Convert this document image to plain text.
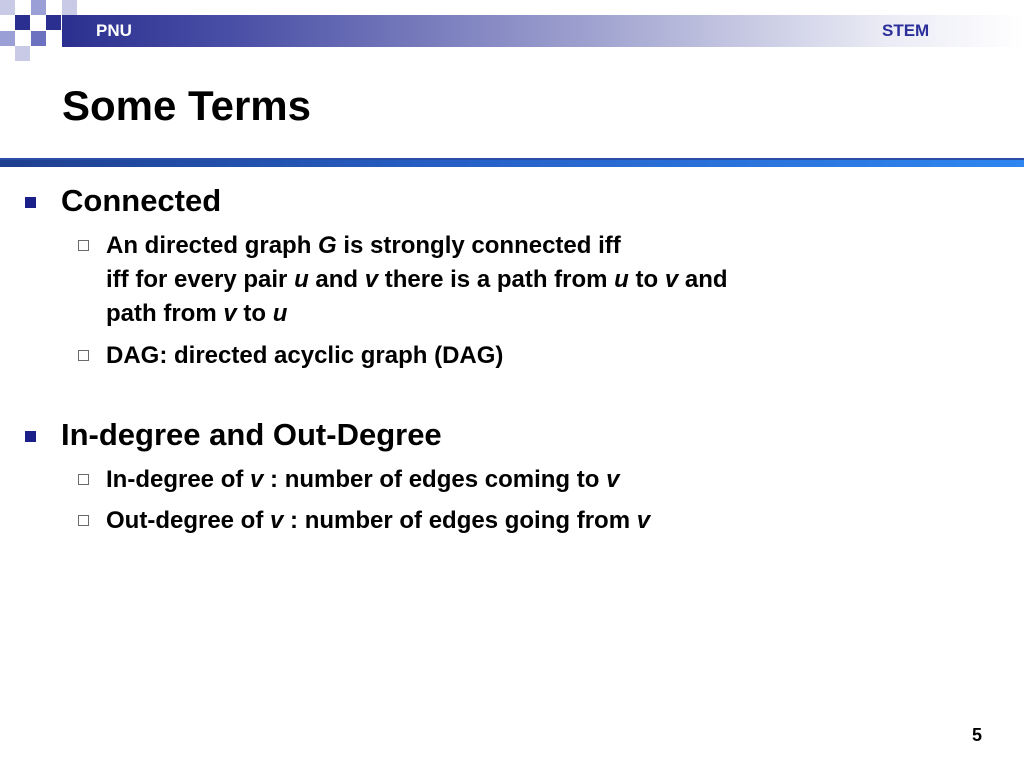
PNU	STEM
Some Terms
Connected
An directed graph G is strongly connected iff
iff for every pair u and v there is a path from u to v and
path from v to u
DAG: directed acyclic graph (DAG)
In-degree and Out-Degree
In-degree of v : number of edges coming to v
Out-degree of v : number of edges going from v
5
